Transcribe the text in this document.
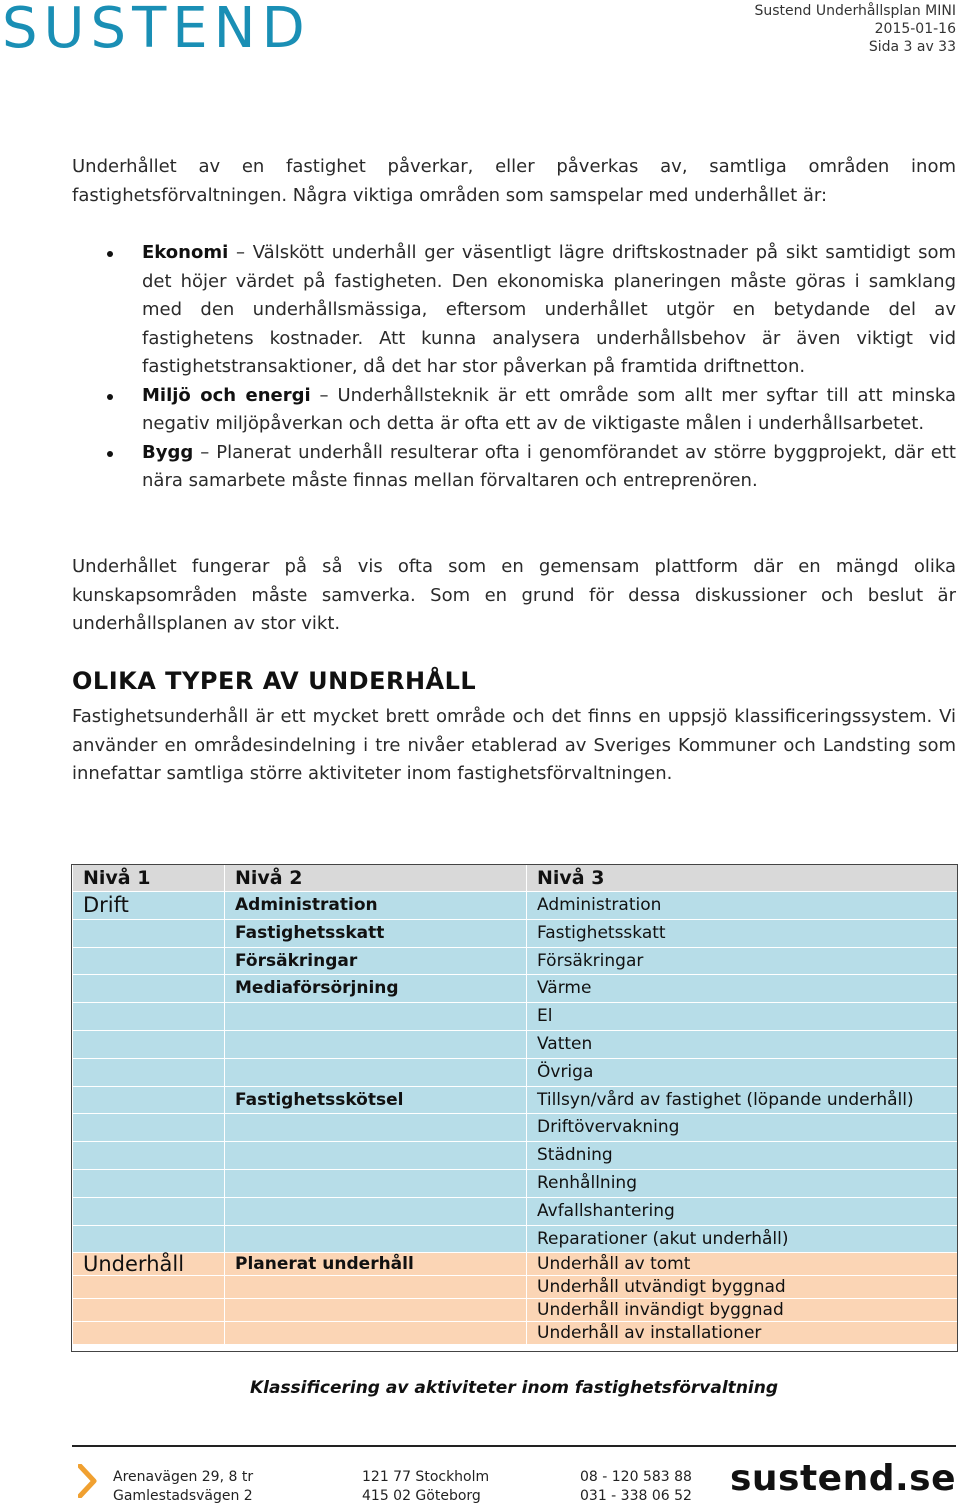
SUSTEND	Sustend Underhållsplan MINI
2015-01-16
Sida 3 av 33
Underhållet av en fastighet påverkar, eller påverkas av, samtliga områden inom fastighetsförvaltningen. Några viktiga områden som samspelar med underhållet är:
Ekonomi – Välskött underhåll ger väsentligt lägre driftskostnader på sikt samtidigt som det höjer värdet på fastigheten. Den ekonomiska planeringen måste göras i samklang med den underhållsmässiga, eftersom underhållet utgör en betydande del av fastighetens kostnader. Att kunna analysera underhållsbehov är även viktigt vid fastighetstransaktioner, då det har stor påverkan på framtida driftnetton.
Miljö och energi – Underhållsteknik är ett område som allt mer syftar till att minska negativ miljöpåverkan och detta är ofta ett av de viktigaste målen i underhållsarbetet.
Bygg – Planerat underhåll resulterar ofta i genomförandet av större byggprojekt, där ett nära samarbete måste finnas mellan förvaltaren och entreprenören.
Underhållet fungerar på så vis ofta som en gemensam plattform där en mängd olika kunskapsområden måste samverka. Som en grund för dessa diskussioner och beslut är underhållsplanen av stor vikt.
OLIKA TYPER AV UNDERHÅLL
Fastighetsunderhåll är ett mycket brett område och det finns en uppsjö klassificeringssystem. Vi använder en områdesindelning i tre nivåer etablerad av Sveriges Kommuner och Landsting som innefattar samtliga större aktiviteter inom fastighetsförvaltningen.
Nivå 1	Nivå 2	Nivå 3
Drift	Administration	Administration
	Fastighetsskatt	Fastighetsskatt
	Försäkringar	Försäkringar
	Mediaförsörjning	Värme
		El
		Vatten
		Övriga
	Fastighetsskötsel	Tillsyn/vård av fastighet (löpande underhåll)
		Driftövervakning
		Städning
		Renhållning
		Avfallshantering
		Reparationer (akut underhåll)
Underhåll	Planerat underhåll	Underhåll av tomt
		Underhåll utvändigt byggnad
		Underhåll invändigt byggnad
		Underhåll av installationer
Klassificering av aktiviteter inom fastighetsförvaltning
Arenavägen 29, 8 tr
Gamlestadsvägen 2
121 77 Stockholm
415 02 Göteborg
08 - 120 583 88
031 - 338 06 52 sustend.se
